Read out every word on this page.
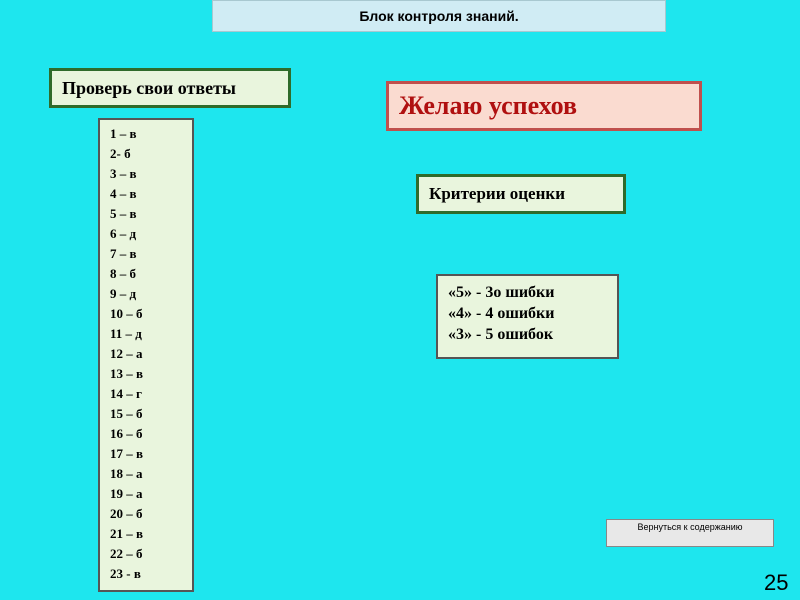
Блок контроля знаний.
Проверь свои ответы
1 – в
2- б
3 – в
4 – в
5 – в
6 – д
7 – в
8 – б
9 – д
10 – б
11 – д
12 – а
13 – в
14 – г
15 – б
16 – б
17 – в
18 – а
19 – а
20 – б
21 – в
22 – б
23 - в
Желаю успехов
Критерии оценки
«5» - 3о шибки
«4» - 4 ошибки
«3» - 5 ошибок
Вернуться к содержанию
25
